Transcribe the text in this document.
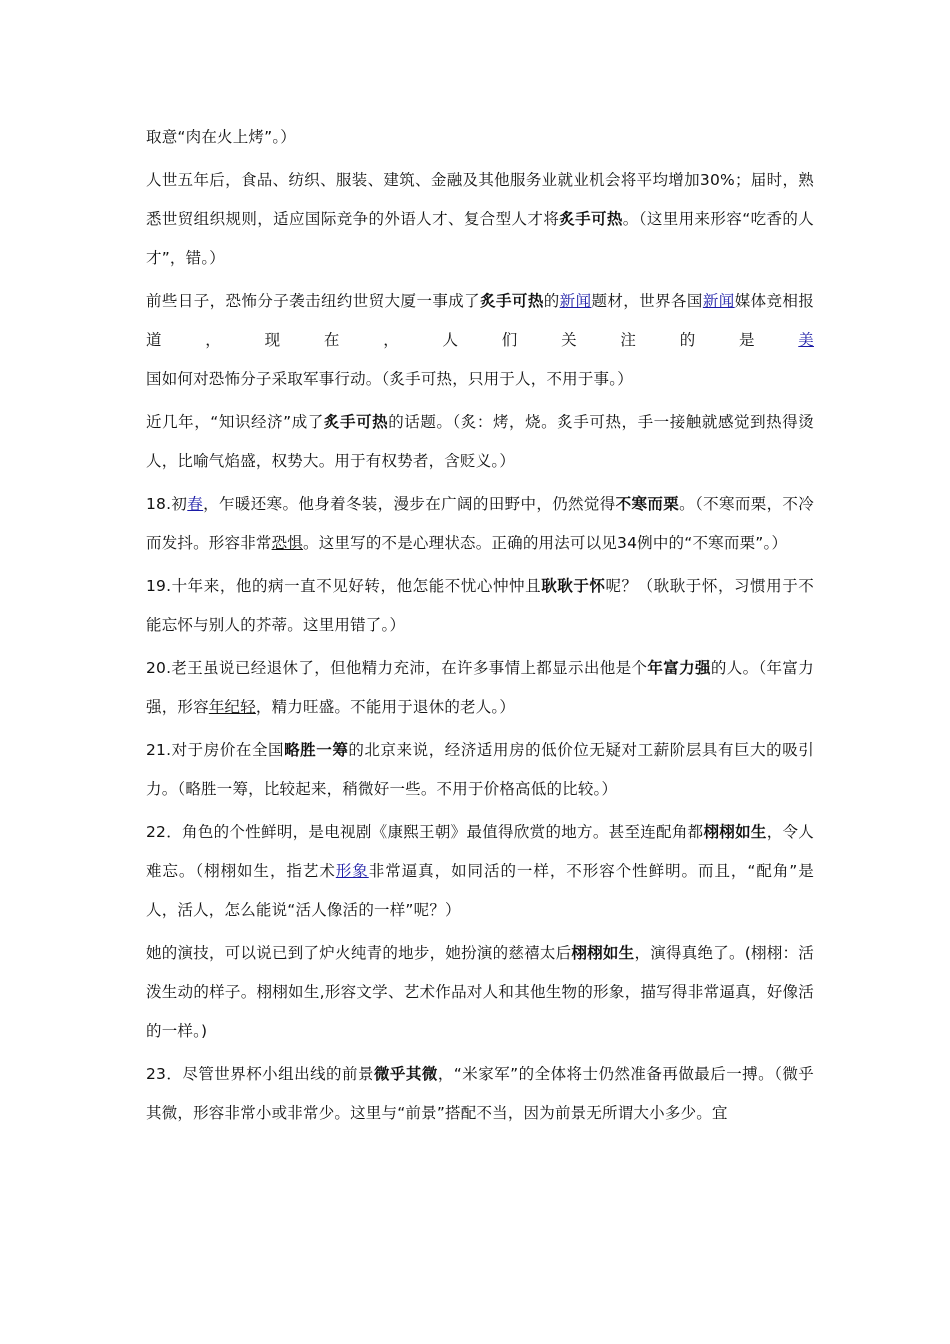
取意“肉在火上烤”。）

人世五年后，食品、纺织、服装、建筑、金融及其他服务业就业机会将平均增加30%；届时，熟悉世贸组织规则，适应国际竞争的外语人才、复合型人才将炙手可热。（这里用来形容“吃香的人才”，错。）

前些日子，恐怖分子袭击纽约世贸大厦一事成了炙手可热的新闻题材，世界各国新闻媒体竞相报道，现在，人们关注的是美国如何对恐怖分子采取军事行动。（炙手可热，只用于人，不用于事。）

近几年，“知识经济”成了炙手可热的话题。（炙：烤，烧。炙手可热，手一接触就感觉到热得烫人，比喻气焰盛，权势大。用于有权势者，含贬义。）

18.初春，乍暖还寒。他身着冬装，漫步在广阔的田野中，仍然觉得不寒而栗。（不寒而栗，不冷而发抖。形容非常恐惧。这里写的不是心理状态。正确的用法可以见34例中的“不寒而栗”。）

19.十年来，他的病一直不见好转，他怎能不忧心忡忡且耿耿于怀呢？（耿耿于怀，习惯用于不能忘怀与别人的芥蒂。这里用错了。）

20.老王虽说已经退休了，但他精力充沛，在许多事情上都显示出他是个年富力强的人。（年富力强，形容年纪轻，精力旺盛。不能用于退休的老人。）

21.对于房价在全国略胜一筹的北京来说，经济适用房的低价位无疑对工薪阶层具有巨大的吸引力。（略胜一筹，比较起来，稍微好一些。不用于价格高低的比较。）

22．角色的个性鲜明，是电视剧《康熙王朝》最值得欣赏的地方。甚至连配角都栩栩如生，令人难忘。（栩栩如生，指艺术形象非常逼真，如同活的一样，不形容个性鲜明。而且，“配角”是人，活人，怎么能说“活人像活的一样”呢？）

她的演技，可以说已到了炉火纯青的地步，她扮演的慈禧太后栩栩如生，演得真绝了。(栩栩：活泼生动的样子。栩栩如生,形容文学、艺术作品对人和其他生物的形象，描写得非常逼真，好像活的一样。)

23．尽管世界杯小组出线的前景微乎其微，“米家军”的全体将士仍然准备再做最后一搏。（微乎其微，形容非常小或非常少。这里与“前景”搭配不当，因为前景无所谓大小多少。宜
